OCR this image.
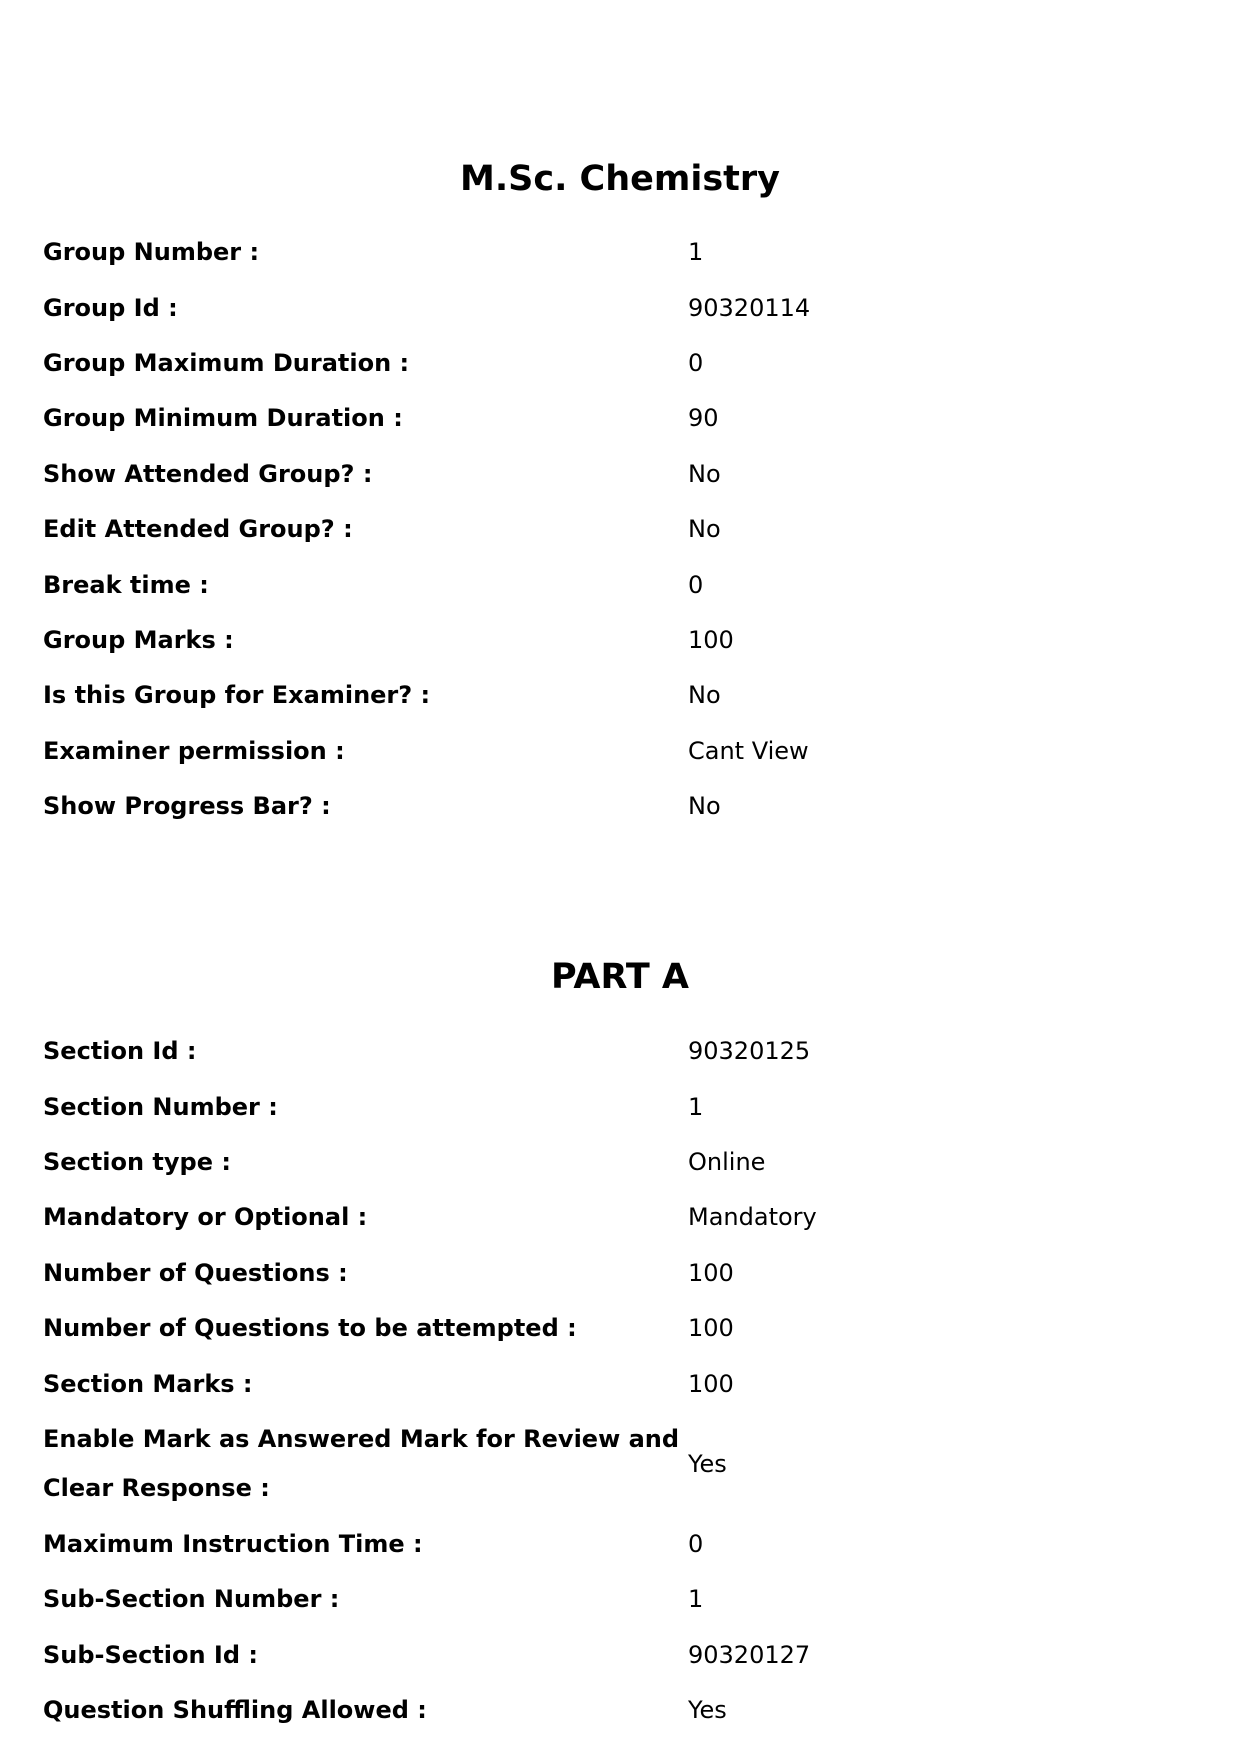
M.Sc. Chemistry
Group Number :	1
Group Id :	90320114
Group Maximum Duration :	0
Group Minimum Duration :	90
Show Attended Group? :	No
Edit Attended Group? :	No
Break time :	0
Group Marks :	100
Is this Group for Examiner? :	No
Examiner permission :	Cant View
Show Progress Bar? :	No
PART A
Section Id :	90320125
Section Number :	1
Section type :	Online
Mandatory or Optional :	Mandatory
Number of Questions :	100
Number of Questions to be attempted :	100
Section Marks :	100
Enable Mark as Answered Mark for Review and Clear Response :
Yes
Maximum Instruction Time :	0
Sub-Section Number :	1
Sub-Section Id :	90320127
Question Shuffling Allowed :	Yes
